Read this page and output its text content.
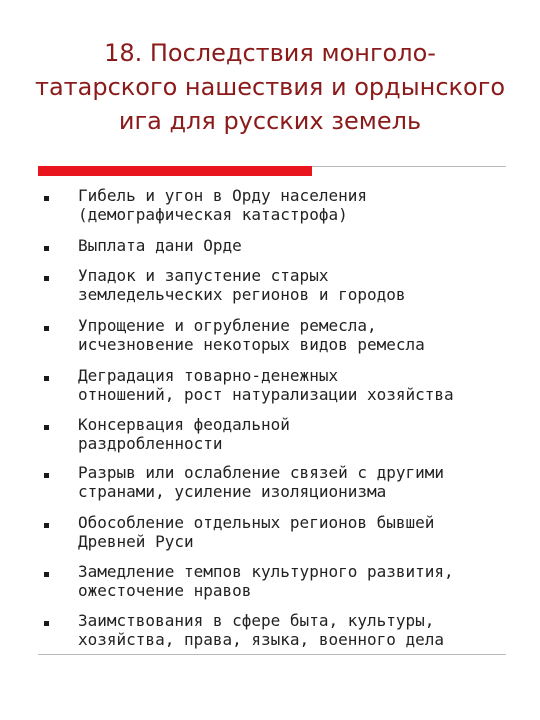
18. Последствия монголо-
татарского нашествия и ордынского
ига для русских земель
Гибель и угон в Орду населения
(демографическая катастрофа)
Выплата дани Орде
Упадок и запустение старых
земледельческих регионов и городов
Упрощение и огрубление ремесла,
исчезновение некоторых видов ремесла
Деградация товарно-денежных
отношений, рост натурализации хозяйства
Консервация феодальной
раздробленности
Разрыв или ослабление связей с другими
странами, усиление изоляционизма
Обособление отдельных регионов бывшей
Древней Руси
Замедление темпов культурного развития,
ожесточение нравов
Заимствования в сфере быта, культуры,
хозяйства, права, языка, военного дела
